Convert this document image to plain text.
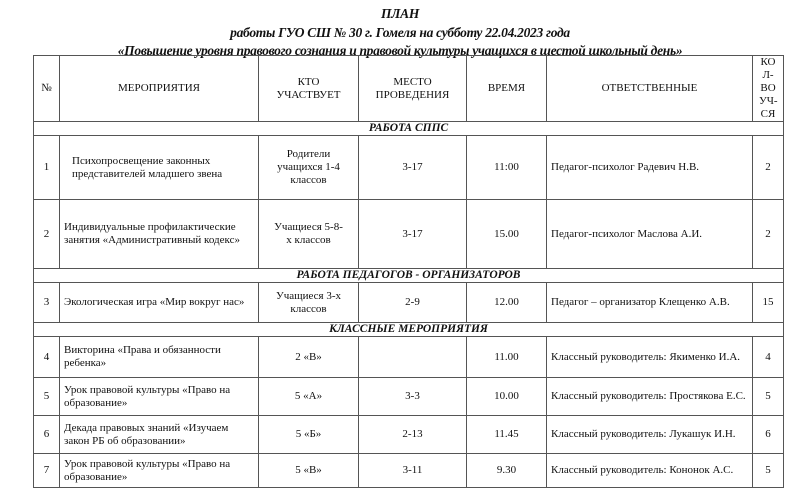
ПЛАН
работы ГУО СШ № 30 г. Гомеля на субботу 22.04.2023 года
«Повышение уровня правового сознания и правовой культуры учащихся в шестой школьный день»
№	МЕРОПРИЯТИЯ	КТО УЧАСТВУЕТ	МЕСТО ПРОВЕДЕНИЯ	ВРЕМЯ	ОТВЕТСТВЕННЫЕ	КО Л- ВО УЧ- СЯ
РАБОТА СППС						
1	Психопросвещение законных представителей младшего звена	Родители учащихся 1-4 классов	3-17	11:00	Педагог-психолог Радевич Н.В.	2
2	Индивидуальные профилактические занятия «Административный кодекс»	Учащиеся 5-8-х классов	3-17	15.00	Педагог-психолог Маслова А.И.	2
РАБОТА ПЕДАГОГОВ - ОРГАНИЗАТОРОВ						
3	Экологическая игра «Мир вокруг нас»	Учащиеся 3-х классов	2-9	12.00	Педагог – организатор Клещенко А.В.	15
КЛАССНЫЕ МЕРОПРИЯТИЯ						
4	Викторина «Права и обязанности ребенка»	2 «В»		11.00	Классный руководитель: Якименко И.А.	4
5	Урок правовой культуры «Право на образование»	5 «А»	3-3	10.00	Классный руководитель: Простякова Е.С.	5
6	Декада правовых знаний «Изучаем закон РБ об образовании»	5 «Б»	2-13	11.45	Классный руководитель: Лукашук И.Н.	6
7	Урок правовой культуры «Право на образование»	5 «В»	3-11	9.30	Классный руководитель: Кононок А.С.	5
